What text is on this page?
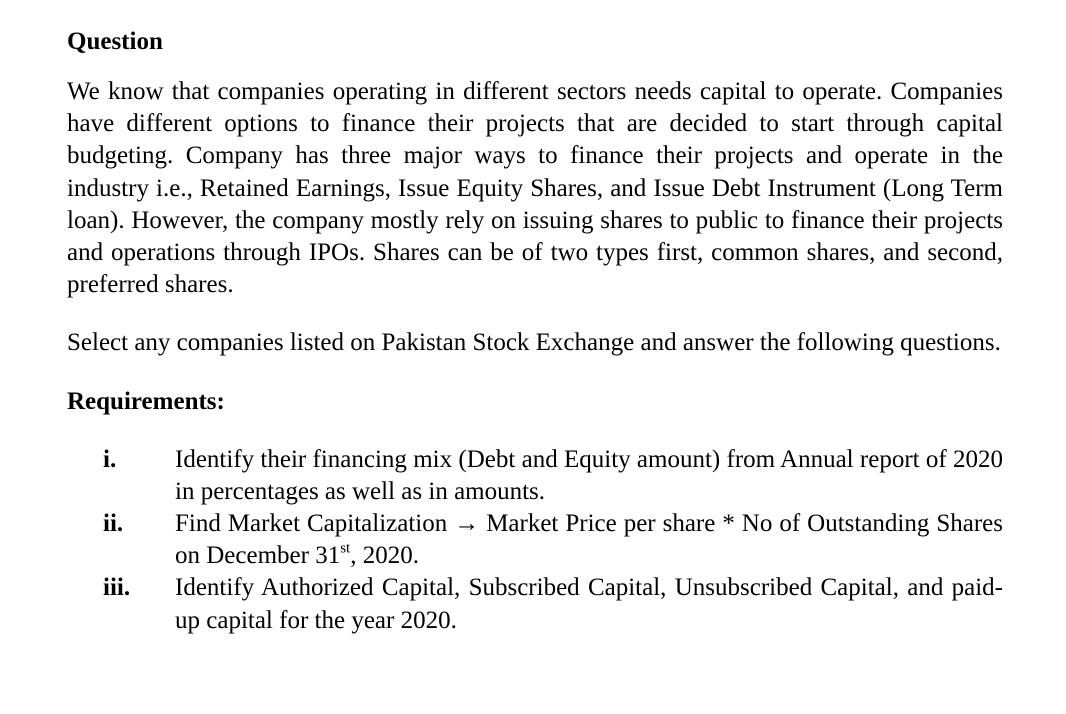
Question

We know that companies operating in different sectors needs capital to operate. Companies have different options to finance their projects that are decided to start through capital budgeting. Company has three major ways to finance their projects and operate in the industry i.e., Retained Earnings, Issue Equity Shares, and Issue Debt Instrument (Long Term loan). However, the company mostly rely on issuing shares to public to finance their projects and operations through IPOs. Shares can be of two types first, common shares, and second, preferred shares.

Select any companies listed on Pakistan Stock Exchange and answer the following questions.

Requirements:

i. Identify their financing mix (Debt and Equity amount) from Annual report of 2020 in percentages as well as in amounts.
ii. Find Market Capitalization → Market Price per share * No of Outstanding Shares on December 31st, 2020.
iii. Identify Authorized Capital, Subscribed Capital, Unsubscribed Capital, and paid-up capital for the year 2020.
